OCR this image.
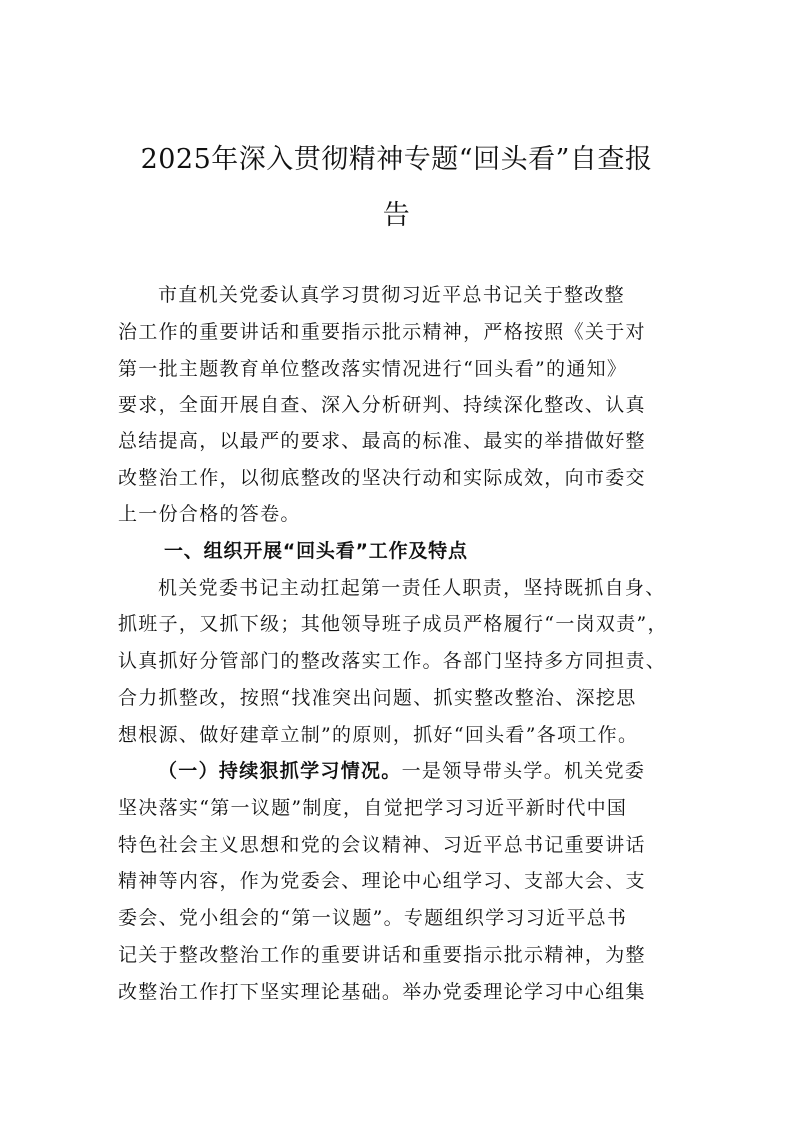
2025年深入贯彻精神专题“回头看”自查报
告
市直机关党委认真学习贯彻习近平总书记关于整改整
治工作的重要讲话和重要指示批示精神，严格按照《关于对
第一批主题教育单位整改落实情况进行“回头看”的通知》
要求，全面开展自查、深入分析研判、持续深化整改、认真
总结提高，以最严的要求、最高的标准、最实的举措做好整
改整治工作，以彻底整改的坚决行动和实际成效，向市委交
上一份合格的答卷。
一、组织开展“回头看”工作及特点
机关党委书记主动扛起第一责任人职责，坚持既抓自身、
抓班子，又抓下级；其他领导班子成员严格履行“一岗双责”，
认真抓好分管部门的整改落实工作。各部门坚持多方同担责、
合力抓整改，按照“找准突出问题、抓实整改整治、深挖思
想根源、做好建章立制”的原则，抓好“回头看”各项工作。
（一）持续狠抓学习情况。一是领导带头学。机关党委
坚决落实“第一议题”制度，自觉把学习习近平新时代中国
特色社会主义思想和党的会议精神、习近平总书记重要讲话
精神等内容，作为党委会、理论中心组学习、支部大会、支
委会、党小组会的“第一议题”。专题组织学习习近平总书
记关于整改整治工作的重要讲话和重要指示批示精神，为整
改整治工作打下坚实理论基础。举办党委理论学习中心组集
